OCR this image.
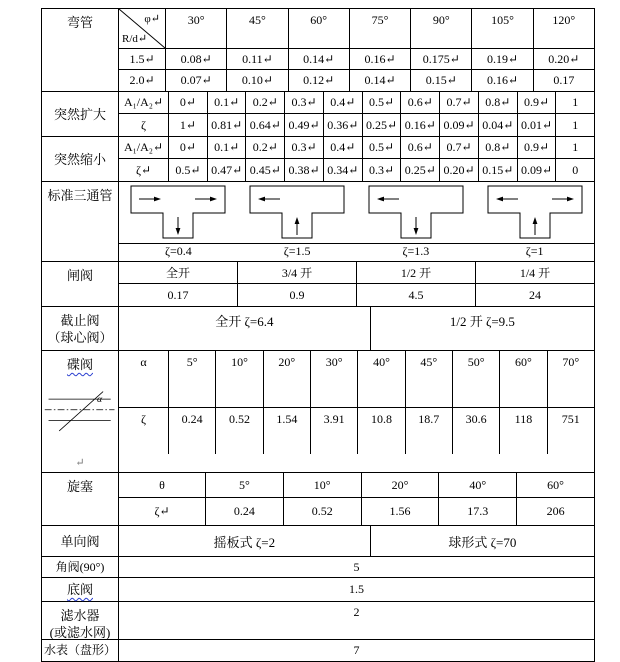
弯管	φ↵
R/d↵
30°	45°	60°	75°	90°	105°	120°
1.5↵	0.08↵	0.11↵	0.14↵	0.16↵	0.175↵	0.19↵	0.20↵
2.0↵	0.07↵	0.10↵	0.12↵	0.14↵	0.15↵	0.16↵	0.17
突然扩大
A₁/A₂↵	0↵	0.1↵	0.2↵	0.3↵	0.4↵	0.5↵	0.6↵	0.7↵	0.8↵	0.9↵	1
ζ	1↵	0.81↵ 0.64↵ 0.49↵ 0.36↵ 0.25↵ 0.16↵ 0.09↵ 0.04↵ 0.01↵	1
突然缩小
A₁/A₂↵	0↵	0.1↵	0.2↵	0.3↵	0.4↵	0.5↵	0.6↵	0.7↵	0.8↵	0.9↵	1
ζ↵	0.5↵ 0.47↵ 0.45↵ 0.38↵ 0.34↵ 0.3↵ 0.25↵ 0.20↵ 0.15↵ 0.09↵	0
标准三通管
ζ=0.4	ζ=1.5	ζ=1.3	ζ=1
闸阀	全开	3/4 开	1/2 开	1/4 开
0.17	0.9	4.5	24
截止阀
（球心阀）
全开 ζ=6.4	1/2 开 ζ=9.5
碟阀
α
↵
α	5°	10°	20°	30°	40°	45°	50°	60°	70°
ζ	0.24	0.52	1.54	3.91	10.8	18.7	30.6	118	751
旋塞	θ	5°	10°	20°	40°	60°
ζ↵	0.24	0.52	1.56	17.3	206
单向阀	摇板式 ζ=2	球形式 ζ=70
角阀(90°)	5
底阀	1.5
滤水器
(或滤水网)
2
水表（盘形）	7
